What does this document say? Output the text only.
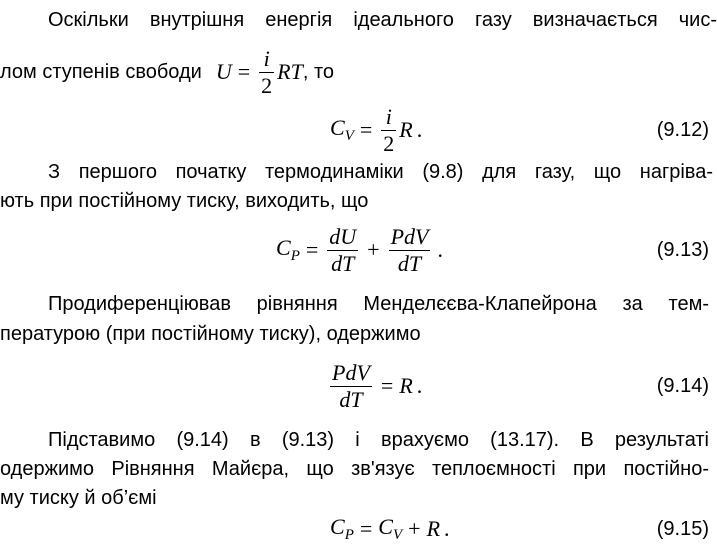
Оскільки внутрішня енергія ідеального газу визначається чис-
лом ступенів свободи $U = \frac{i}{2}$ RT , то
$C_V = \frac{i}{2}$ R .	(9.12)
З першого початку термодинаміки (9.8) для газу, що нагріва-
ють при постійному тиску, виходить, що
$C_P = \frac{dU}{dT} + \frac{\text{PdV}}{dT}$ .	(9.13)
Продиференціював рівняння Менделєєва-Клапейрона за тем-
пературою (при постійному тиску), одержимо
$\frac{\text{PdV}}{dT} = R$ .	(9.14)
Підставимо (9.14) в (9.13) і врахуємо (13.17). В результаті
одержимо Рівняння Майєра, що зв'язує теплоємності при постійно-
му тиску й об’ємі
$C_P = C_V + R$ .	(9.15)
